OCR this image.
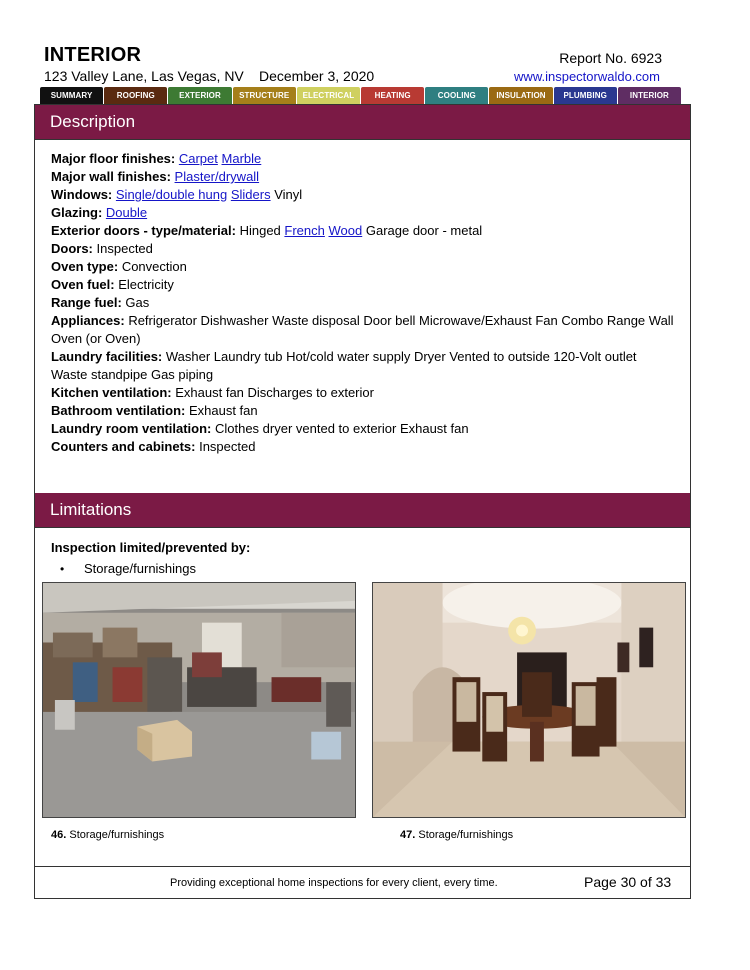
INTERIOR	Report No. 6923
123 Valley Lane, Las Vegas, NV December 3, 2020	www.inspectorwaldo.com
SUMMARY	ROOFING	EXTERIOR	STRUCTURE	ELECTRICAL	HEATING	COOLING	INSULATION	PLUMBING	INTERIOR
Description

Major floor finishes: Carpet Marble

Major wall finishes: Plaster/drywall

Windows: Single/double hung Sliders Vinyl

Glazing: Double

Exterior doors - type/material: Hinged French Wood Garage door - metal

Doors: Inspected

Oven type: Convection

Oven fuel: Electricity

Range fuel: Gas

Appliances: Refrigerator Dishwasher Waste disposal Door bell Microwave/Exhaust Fan Combo Range Wall Oven (or Oven)

Laundry facilities: Washer Laundry tub Hot/cold water supply Dryer Vented to outside 120-Volt outlet Waste standpipe Gas piping

Kitchen ventilation: Exhaust fan Discharges to exterior

Bathroom ventilation: Exhaust fan

Laundry room ventilation: Clothes dryer vented to exterior Exhaust fan

Counters and cabinets: Inspected

Limitations
Inspection limited/prevented by:
• Storage/furnishings
46. Storage/furnishings	47. Storage/furnishings
Providing exceptional home inspections for every client, every time.	Page 30 of 33
